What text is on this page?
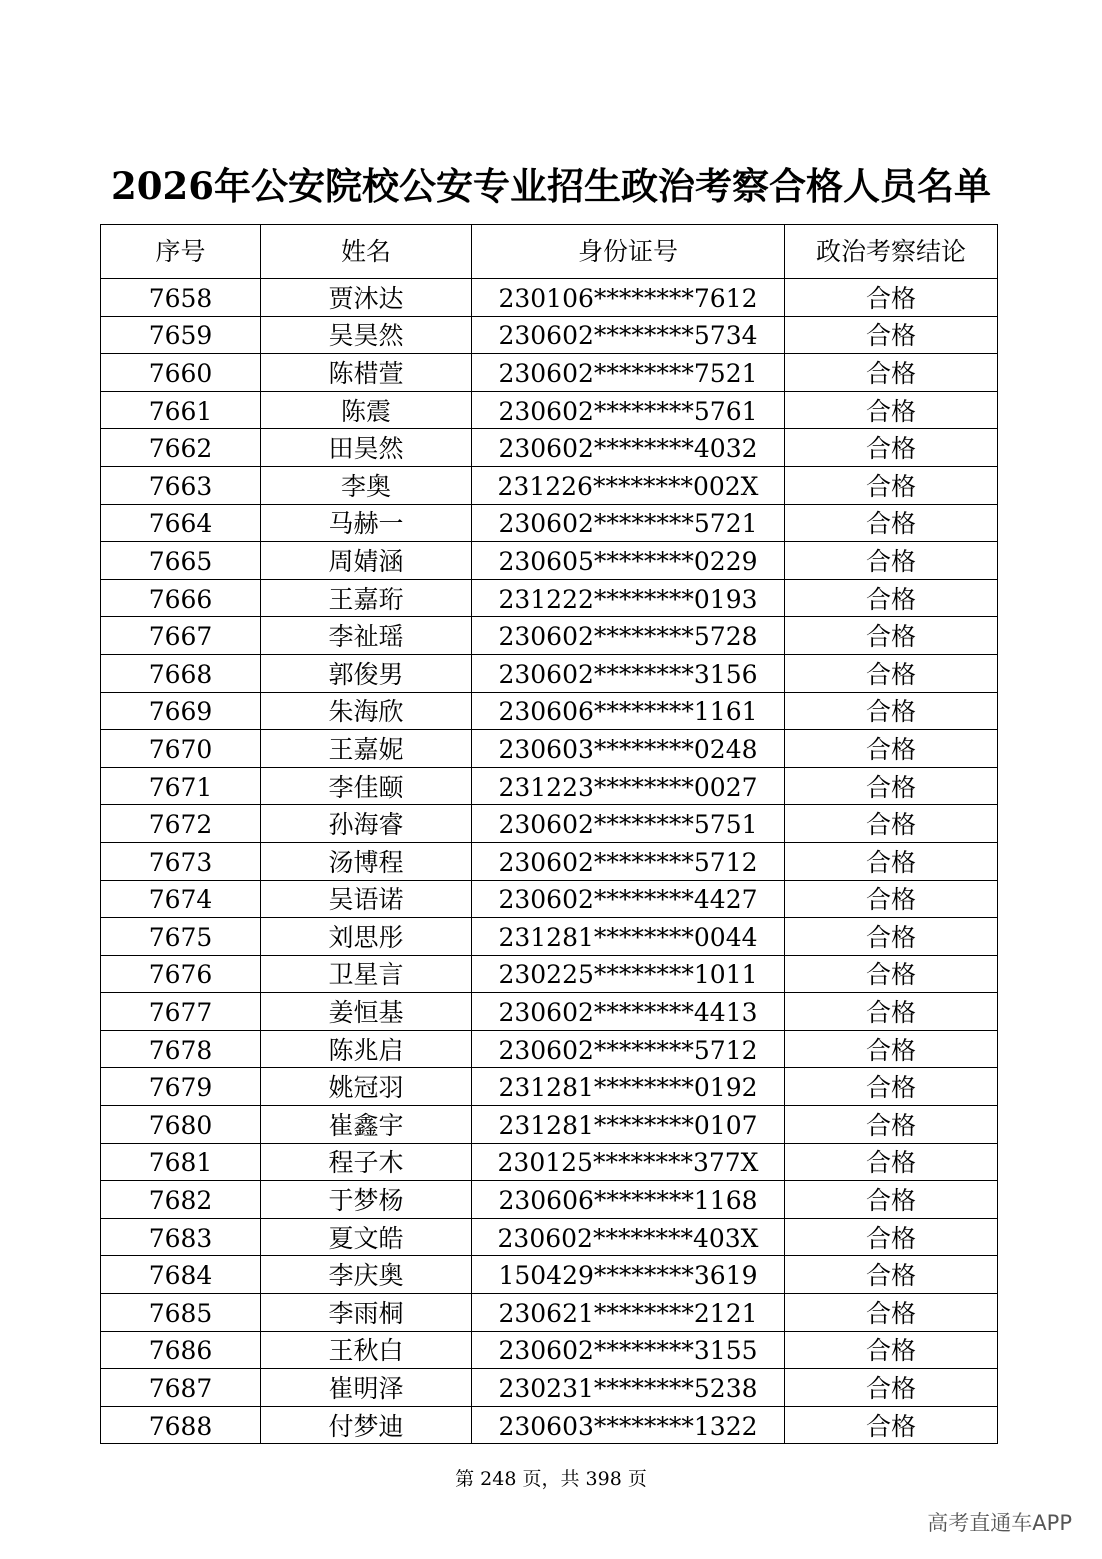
2026年公安院校公安专业招生政治考察合格人员名单
序号	姓名	身份证号	政治考察结论
7658	贾沐达	230106********7612	合格
7659	吴昊然	230602********5734	合格
7660	陈棤萱	230602********7521	合格
7661	陈震	230602********5761	合格
7662	田昊然	230602********4032	合格
7663	李奥	231226********002X	合格
7664	马赫一	230602********5721	合格
7665	周婧涵	230605********0229	合格
7666	王嘉珩	231222********0193	合格
7667	李祉瑶	230602********5728	合格
7668	郭俊男	230602********3156	合格
7669	朱海欣	230606********1161	合格
7670	王嘉妮	230603********0248	合格
7671	李佳颐	231223********0027	合格
7672	孙海睿	230602********5751	合格
7673	汤博程	230602********5712	合格
7674	吴语诺	230602********4427	合格
7675	刘思彤	231281********0044	合格
7676	卫星言	230225********1011	合格
7677	姜恒基	230602********4413	合格
7678	陈兆启	230602********5712	合格
7679	姚冠羽	231281********0192	合格
7680	崔鑫宇	231281********0107	合格
7681	程子木	230125********377X	合格
7682	于梦杨	230606********1168	合格
7683	夏文皓	230602********403X	合格
7684	李庆奥	150429********3619	合格
7685	李雨桐	230621********2121	合格
7686	王秋白	230602********3155	合格
7687	崔明泽	230231********5238	合格
7688	付梦迪	230603********1322	合格
第 248 页，共 398 页
高考直通车APP
